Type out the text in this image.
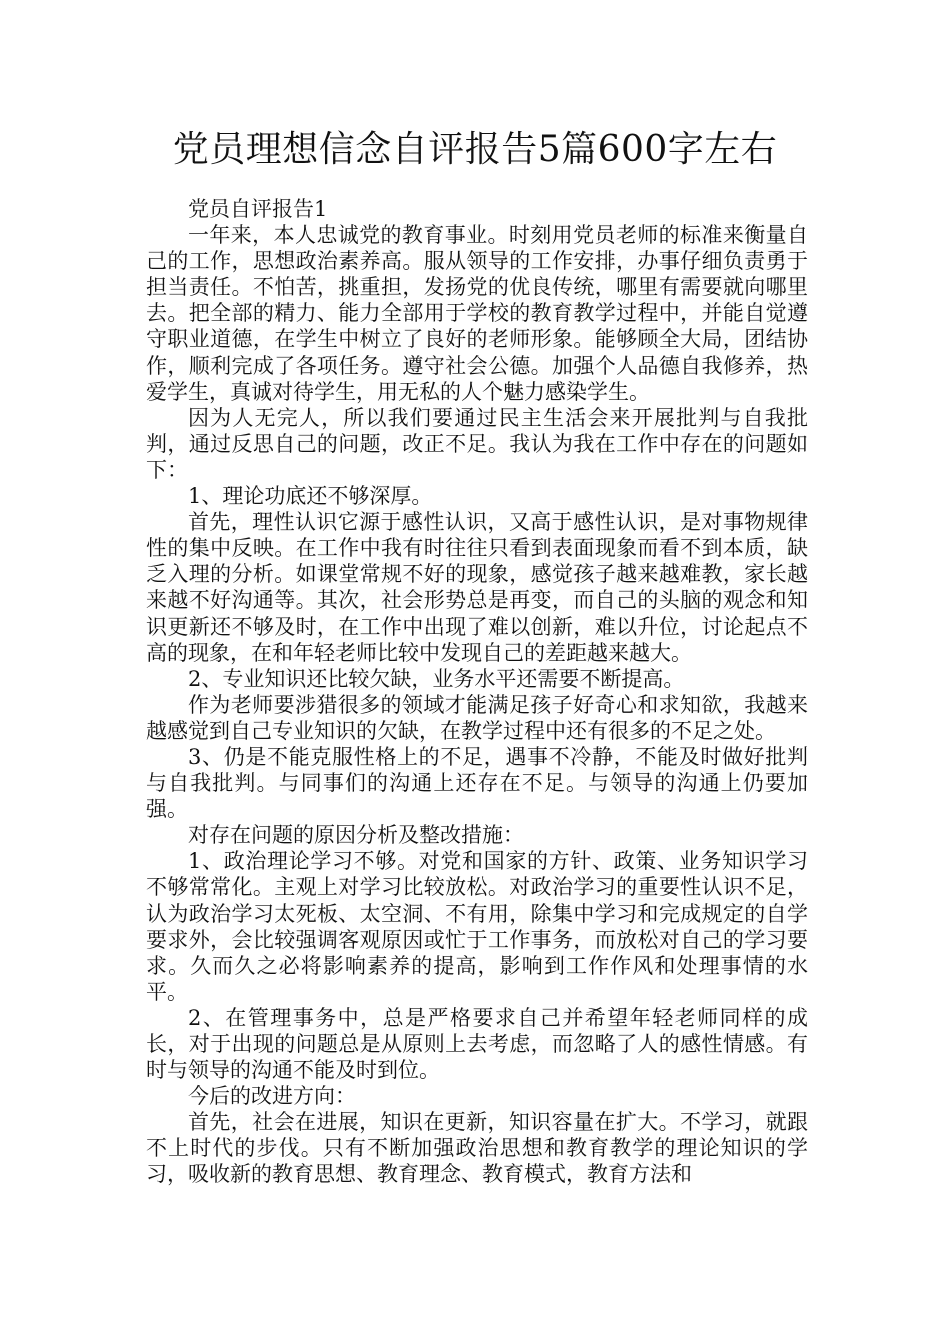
党员理想信念自评报告5篇600字左右

党员自评报告1

一年来，本人忠诚党的教育事业。时刻用党员老师的标准来衡量自己的工作，思想政治素养高。服从领导的工作安排，办事仔细负责勇于担当责任。不怕苦，挑重担，发扬党的优良传统，哪里有需要就向哪里去。把全部的精力、能力全部用于学校的教育教学过程中，并能自觉遵守职业道德，在学生中树立了良好的老师形象。能够顾全大局，团结协作，顺利完成了各项任务。遵守社会公德。加强个人品德自我修养，热爱学生，真诚对待学生，用无私的人个魅力感染学生。

因为人无完人，所以我们要通过民主生活会来开展批判与自我批判，通过反思自己的问题，改正不足。我认为我在工作中存在的问题如下：

1、理论功底还不够深厚。

首先，理性认识它源于感性认识，又高于感性认识，是对事物规律性的集中反映。在工作中我有时往往只看到表面现象而看不到本质，缺乏入理的分析。如课堂常规不好的现象，感觉孩子越来越难教，家长越来越不好沟通等。其次，社会形势总是再变，而自己的头脑的观念和知识更新还不够及时，在工作中出现了难以创新，难以升位，讨论起点不高的现象，在和年轻老师比较中发现自己的差距越来越大。

2、专业知识还比较欠缺，业务水平还需要不断提高。

作为老师要涉猎很多的领域才能满足孩子好奇心和求知欲，我越来越感觉到自己专业知识的欠缺，在教学过程中还有很多的不足之处。

3、仍是不能克服性格上的不足，遇事不冷静，不能及时做好批判与自我批判。与同事们的沟通上还存在不足。与领导的沟通上仍要加强。

对存在问题的原因分析及整改措施：

1、政治理论学习不够。对党和国家的方针、政策、业务知识学习不够常常化。主观上对学习比较放松。对政治学习的重要性认识不足，认为政治学习太死板、太空洞、不有用，除集中学习和完成规定的自学要求外，会比较强调客观原因或忙于工作事务，而放松对自己的学习要求。久而久之必将影响素养的提高，影响到工作作风和处理事情的水平。

2、在管理事务中，总是严格要求自己并希望年轻老师同样的成长，对于出现的问题总是从原则上去考虑，而忽略了人的感性情感。有时与领导的沟通不能及时到位。

今后的改进方向：

首先，社会在进展，知识在更新，知识容量在扩大。不学习，就跟不上时代的步伐。只有不断加强政治思想和教育教学的理论知识的学习，吸收新的教育思想、教育理念、教育模式，教育方法和
